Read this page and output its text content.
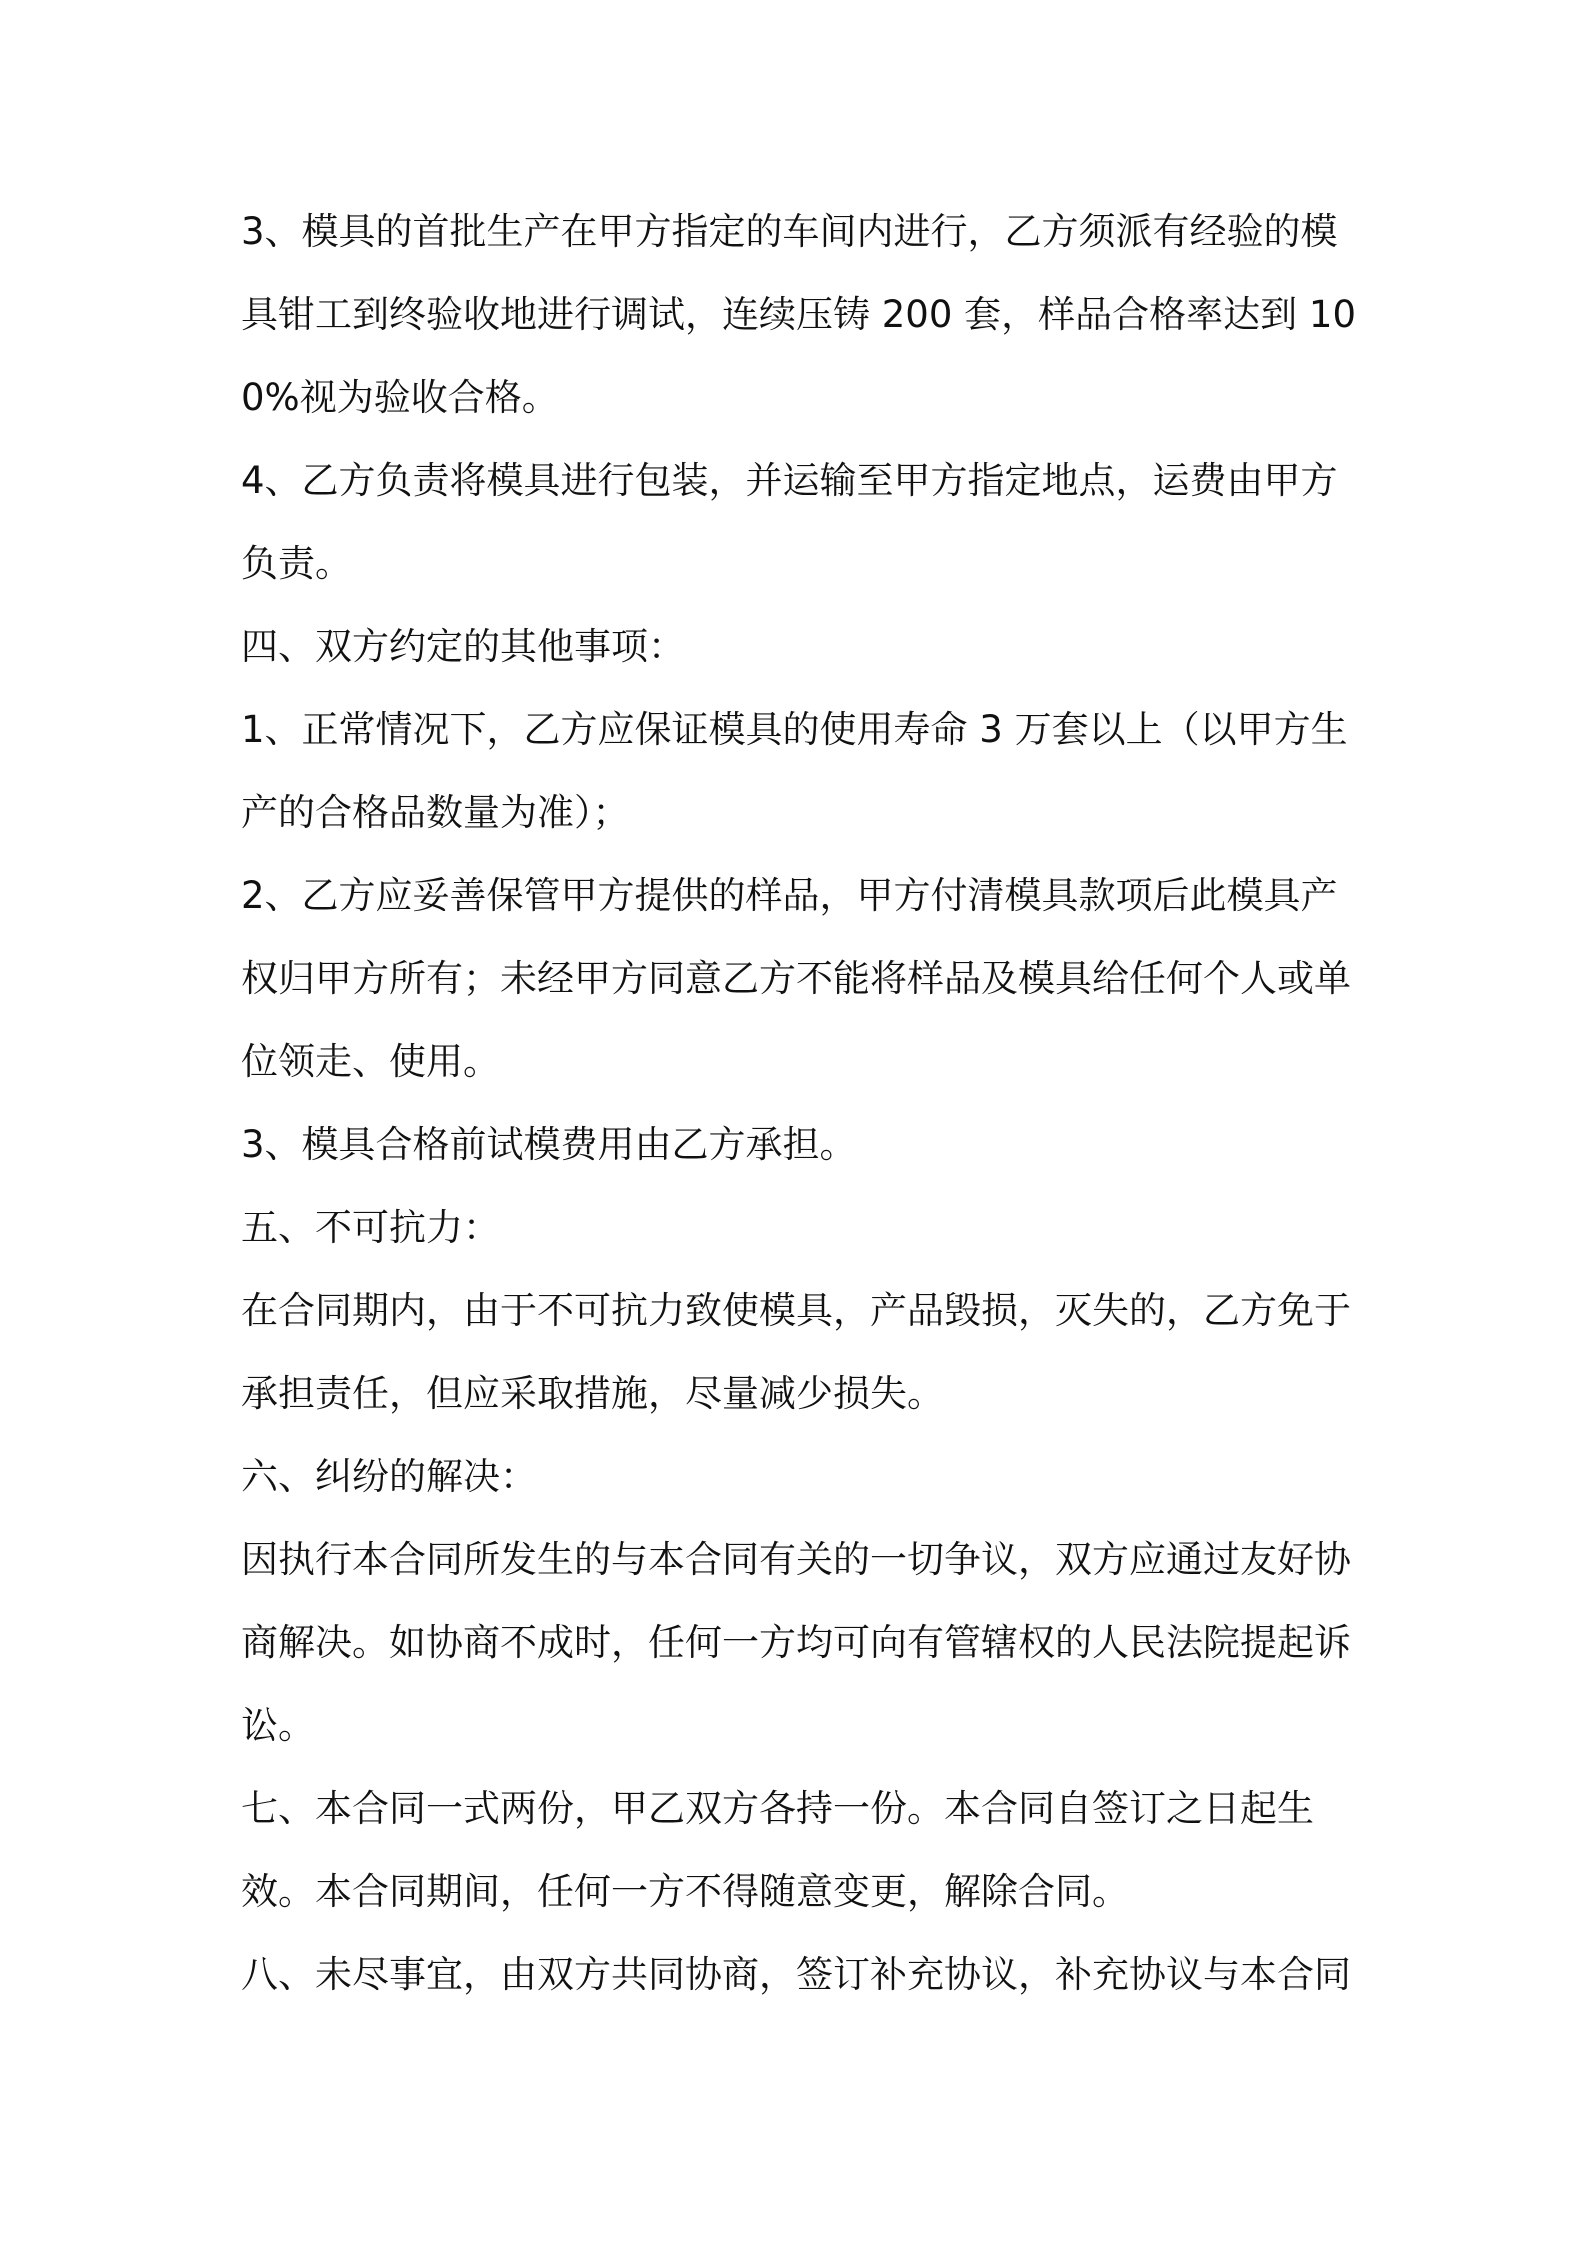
3、模具的首批生产在甲方指定的车间内进行，乙方须派有经验的模具钳工到终验收地进行调试，连续压铸 200 套，样品合格率达到 100%视为验收合格。

4、乙方负责将模具进行包装，并运输至甲方指定地点，运费由甲方负责。

四、双方约定的其他事项：

1、正常情况下，乙方应保证模具的使用寿命 3 万套以上（以甲方生产的合格品数量为准）；

2、乙方应妥善保管甲方提供的样品，甲方付清模具款项后此模具产权归甲方所有；未经甲方同意乙方不能将样品及模具给任何个人或单位领走、使用。

3、模具合格前试模费用由乙方承担。

五、不可抗力：

在合同期内，由于不可抗力致使模具，产品毁损，灭失的，乙方免于承担责任，但应采取措施，尽量减少损失。

六、纠纷的解决：

因执行本合同所发生的与本合同有关的一切争议，双方应通过友好协商解决。如协商不成时，任何一方均可向有管辖权的人民法院提起诉讼。

七、本合同一式两份，甲乙双方各持一份。本合同自签订之日起生效。本合同期间，任何一方不得随意变更，解除合同。

八、未尽事宜，由双方共同协商，签订补充协议，补充协议与本合同
